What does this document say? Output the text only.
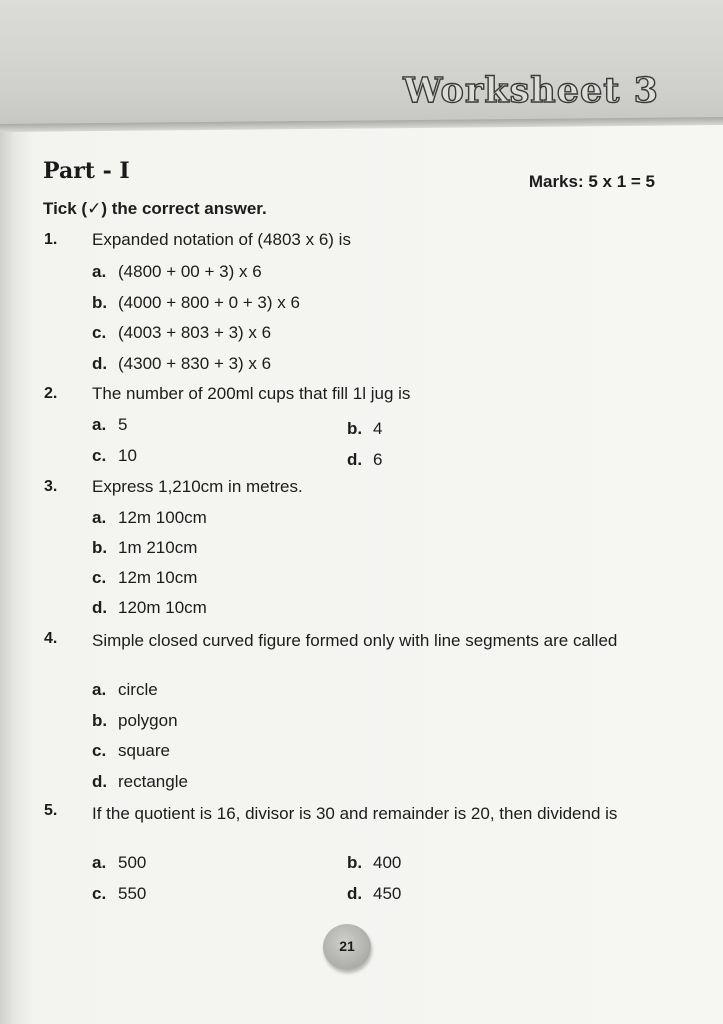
Worksheet 3
Part - I	Marks: 5 x 1 = 5
Tick (✓) the correct answer.
1. Expanded notation of (4803 x 6) is
a. (4800 + 00 + 3) x 6
b. (4000 + 800 + 0 + 3) x 6
c. (4003 + 803 + 3) x 6
d. (4300 + 830 + 3) x 6
2. The number of 200ml cups that fill 1l jug is
a. 5	b. 4
c. 10	d. 6
3. Express 1,210cm in metres.
a. 12m 100cm
b. 1m 210cm
c. 12m 10cm
d. 120m 10cm
4. Simple closed curved figure formed only with line segments are called
a. circle
b. polygon
c. square
d. rectangle
5. If the quotient is 16, divisor is 30 and remainder is 20, then dividend is
a. 500	b. 400
c. 550	d. 450
21
